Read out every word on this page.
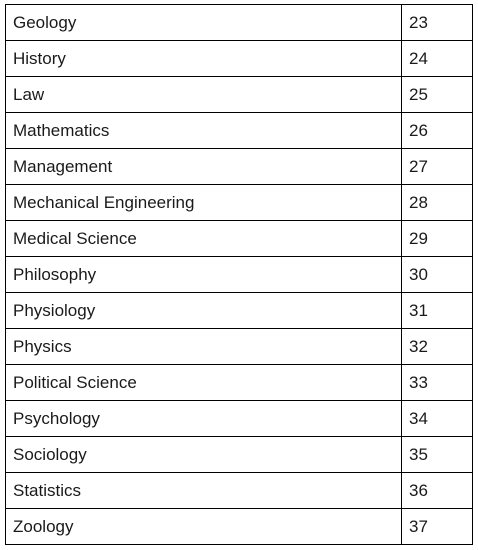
Geology	23
History	24
Law	25
Mathematics	26
Management	27
Mechanical Engineering	28
Medical Science	29
Philosophy	30
Physiology	31
Physics	32
Political Science	33
Psychology	34
Sociology	35
Statistics	36
Zoology	37
